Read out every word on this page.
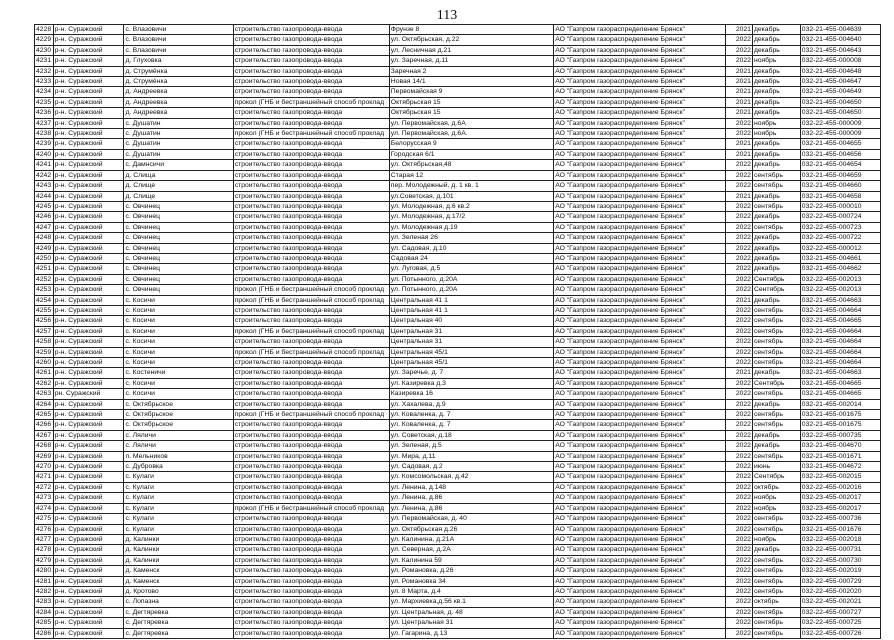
113
4228	р-н. Суражский	с. Влазовичи	строительство газопровода-ввода	Фрунзе 8	АО "Газпром газораспределение Брянск"	2021	декабрь	032-21-455-004639
4229	р-н. Суражский	с. Влазовичи	строительство газопровода-ввода	ул. Октябрьская, д.22	АО "Газпром газораспределение Брянск"	2022	декабрь	032-21-455-004640
4230	р-н. Суражский	с. Влазовичи	строительство газопровода-ввода	ул. Лесничная д.21	АО "Газпром газораспределение Брянск"	2022	декабрь	032-21-455-004643
4231	р-н. Суражский	д. Глуховка	строительство газопровода-ввода	ул. Заречная, д.11	АО "Газпром газораспределение Брянск"	2022	ноябрь	032-22-455-000008
4232	р-н. Суражский	д. Струмёнка	строительство газопровода-ввода	Заречная 2	АО "Газпром газораспределение Брянск"	2021	декабрь	032-21-455-004648
4233	р-н. Суражский	д. Струмёнка	строительство газопровода-ввода	Новая 14/1	АО "Газпром газораспределение Брянск"	2021	декабрь	032-21-455-004647
4234	р-н. Суражский	д. Андреевка	строительство газопровода-ввода	Первомайская 9	АО "Газпром газораспределение Брянск"	2021	декабрь	032-21-455-004649
4235	р-н. Суражский	д. Андреевка	прокол (ГНБ и бестраншейный способ проклад	Октябрьская 15	АО "Газпром газораспределение Брянск"	2021	декабрь	032-21-455-004650
4236	р-н. Суражский	д. Андреевка	строительство газопровода-ввода	Октябрьская 15	АО "Газпром газораспределение Брянск"	2021	декабрь	032-21-455-004650
4237	р-н. Суражский	с. Душатин	строительство газопровода-ввода	ул. Первомайская, д.6А	АО "Газпром газораспределение Брянск"	2022	ноябрь	032-22-455-000009
4238	р-н. Суражский	с. Душатин	прокол (ГНБ и бестраншейный способ проклад	ул. Первомайская, д.6А.	АО "Газпром газораспределение Брянск"	2022	ноябрь	032-22-455-000009
4239	р-н. Суражский	с. Душатин	строительство газопровода-ввода	Белорусская 9	АО "Газпром газораспределение Брянск"	2021	декабрь	032-21-455-004655
4240	р-н. Суражский	с. Душатин	строительство газопровода-ввода	Городская 6/1	АО "Газпром газораспределение Брянск"	2021	декабрь	032-21-455-004656
4241	р-н. Суражский	с. Дамнсичи	строительство газопровода-ввода	ул. Октябрьская,48	АО "Газпром газораспределение Брянск"	2022	декабрь	032-21-455-004654
4242	р-н. Суражский	д. Слища	строительство газопровода-ввода	Старая 12	АО "Газпром газораспределение Брянск"	2022	сентябрь	032-21-455-004659
4243	р-н. Суражский	д. Слище	строительство газопровода-ввода	пер. Молодежный, д. 1 кв. 1	АО "Газпром газораспределение Брянск"	2022	сентябрь	032-21-455-004660
4244	р-н. Суражский	д. Слище	строительство газопровода-ввода	ул.Советская, д.101	АО "Газпром газораспределение Брянск"	2021	декабрь	032-21-455-004658
4245	р-н. Суражский	с. Овчинец	строительство газопровода-ввода	ул. Молодежная, д.6 кв.2	АО "Газпром газораспределение Брянск"	2022	сентябрь	032-22-455-000010
4246	р-н. Суражский	с. Овчинец	строительство газопровода-ввода	ул. Молодежная, д.17/2	АО "Газпром газораспределение Брянск"	2022	декабрь	032-22-455-000724
4247	р-н. Суражский	с. Овчинец	строительство газопровода-ввода	ул. Молодежная д.19	АО "Газпром газораспределение Брянск"	2022	сентябрь	032-22-455-000723
4248	р-н. Суражский	с. Овчинец	строительство газопровода-ввода	ул. Зеленая 26	АО "Газпром газораспределение Брянск"	2022	декабрь	032-22-455-000722
4249	р-н. Суражский	с. Овчинец	строительство газопровода-ввода	ул. Садовая, д.10	АО "Газпром газораспределение Брянск"	2022	декабрь	032-22-455-000012
4250	р-н. Суражский	с. Овчинец	строительство газопровода-ввода	Садовая 24	АО "Газпром газораспределение Брянск"	2022	декабрь	032-21-455-004661
4251	р-н. Суражский	с. Овчинец	строительство газопровода-ввода	ул. Луговая, д.5	АО "Газпром газораспределение Брянск"	2022	декабрь	032-21-455-004662
4252	р-н. Суражский	с. Овчинец	строительство газопровода-ввода	ул. Потынного, д.20А	АО "Газпром газораспределение Брянск"	2022	Сентябрь	032-22-455-002013
4253	р-н. Суражский	с. Овчинец	прокол (ГНБ и бестраншейный способ проклад	ул. Потынного, д.20А	АО "Газпром газораспределение Брянск"	2022	Сентябрь	032-22-455-002013
4254	р-н. Суражский	с. Косичи	прокол (ГНБ и бестраншейный способ проклад	Центральная 41 1	АО "Газпром газораспределение Брянск"	2021	декабрь	032-21-455-004663
4255	р-н. Суражский	с. Косичи	строительство газопровода-ввода	Центральная 41 1	АО "Газпром газораспределение Брянск"	2022	сентябрь	032-21-455-004664
4256	р-н. Суражский	с. Косичи	строительство газопровода-ввода	Центральная 40	АО "Газпром газораспределение Брянск"	2022	сентябрь	032-21-455-004665
4257	р-н. Суражский	с. Косичи	прокол (ГНБ и бестраншейный способ проклад	Центральная 31	АО "Газпром газораспределение Брянск"	2022	сентябрь	032-21-455-004664
4258	р-н. Суражский	с. Косичи	строительство газопровода-ввода	Центральная 31	АО "Газпром газораспределение Брянск"	2022	сентябрь	032-21-455-004664
4259	р-н. Суражский	с. Косичи	прокол (ГНБ и бестраншейный способ проклад	Центральная 45/1	АО "Газпром газораспределение Брянск"	2022	сентябрь	032-21-455-004664
4260	р-н. Суражский	с. Косичи	строительство газопровода-ввода	Центральная 45/1	АО "Газпром газораспределение Брянск"	2022	сентябрь	032-21-455-004664
4261	р-н. Суражский	с. Костеничи	строительство газопровода-ввода	ул. Заречье, д. 7	АО "Газпром газораспределение Брянск"	2021	декабрь	032-21-455-004663
4262	р-н. Суражский	с. Косичи	строительство газопровода-ввода	ул. Казиревка д.3	АО "Газпром газораспределение Брянск"	2022	Сентябрь	032-21-455-004665
4263	рн. Суражский	с. Косичи	строительство газопровода-ввода	Казиревка 16	АО "Газпром газораспределение Брянск"	2022	сентябрь	032-21-455-004665
4264	р-н. Суражский	с. Октябрьское	строительство газопровода-ввода	ул. Хахалева, д.9	АО "Газпром газораспределение Брянск"	2022	декабрь	032-21-455-002014
4265	р-н. Суражский	с. Октябрьское	прокол (ГНБ и бестраншейный способ проклад	ул. Коваленка, д. 7	АО "Газпром газораспределение Брянск"	2022	сентябрь	032-21-455-001675
4266	р-н. Суражский	с. Октябрьское	строительство газопровода-ввода	ул. Коваленка, д. 7	АО "Газпром газораспределение Брянск"	2022	сентябрь	032-21-455-001675
4267	р-н. Суражский	с. Ляличи	строительство газопровода-ввода	ул. Советская, д.18	АО "Газпром газораспределение Брянск"	2022	декабрь	032-22-455-000735
4268	р-н. Суражский	с. Ляличи	строительство газопровода-ввода	ул. Зеленая, д.5	АО "Газпром газораспределение Брянск"	2022	декабрь	032-21-455-004670
4269	р-н. Суражский	п. Мельников	строительство газопровода-ввода	ул. Мира, д.11	АО "Газпром газораспределение Брянск"	2022	сентябрь	032-21-455-001671
4270	р-н. Суражский	с. Дубровка	строительство газопровода-ввода	ул. Садовая, д.2	АО "Газпром газораспределение Брянск"	2022	июнь	032-21-455-004672
4271	р-н. Суражский	с. Кулаги	строительство газопровода-ввода	ул. Комсомольская, д.42	АО "Газпром газораспределение Брянск"	2022	Сентябрь	032-22-455-002015
4272	р-н. Суражский	с. Кулаги	строительство газопровода-ввода	ул. Ленина, д.148	АО "Газпром газораспределение Брянск"	2022	октябрь	032-22-455-002016
4273	р-н. Суражский	с. Кулаги	строительство газопровода-ввода	ул. Ленина, д.86	АО "Газпром газораспределение Брянск"	2022	ноябрь	032-23-455-002017
4274	р-н. Суражский	с. Кулаги	прокол (ГНБ и бестраншейный способ проклад	ул. Ленина, д.86	АО "Газпром газораспределение Брянск"	2022	ноябрь	032-23-455-002017
4275	р-н. Суражский	с. Кулаги	строительство газопровода-ввода	ул. Первомайская, д. 40	АО "Газпром газораспределение Брянск"	2022	сентябрь	032-22-455-000736
4276	р-н. Суражский	с. Кулаги	строительство газопровода-ввода	ул. Октябрьская д.26	АО "Газпром газораспределение Брянск"	2022	сентябрь	032-21-455-001676
4277	р-н. Суражский	д. Калинки	строительство газопровода-ввода	ул. Калинина, д.21А	АО "Газпром газораспределение Брянск"	2022	ноябрь	032-22-455-002018
4278	р-н. Суражский	д. Калинки	строительство газопровода-ввода	ул. Северная, д.2А	АО "Газпром газораспределение Брянск"	2022	декабрь	032-22-455-000731
4279	р-н. Суражский	д. Калинки	строительство газопровода-ввода	ул. Калинина 59	АО "Газпром газораспределение Брянск"	2022	сентябрь	032-22-455-000730
4280	р-н. Суражский	д. Каменск	строительство газопровода-ввода	ул. Романовка, д.26	АО "Газпром газораспределение Брянск"	2022	сентябрь	032-22-455-002019
4281	р-н. Суражский	д. Каменск	строительство газопровода-ввода	ул. Романовка 34	АО "Газпром газораспределение Брянск"	2022	сентябрь	032-22-455-000729
4282	р-н. Суражский	д. Кротово	строительство газопровода-ввода	ул. 8 Марта, д.4	АО "Газпром газораспределение Брянск"	2022	сентябрь	032-22-455-002020
4283	р-н. Суражский	с. Лопазна	строительство газопровода-ввода	ул. Мархиевка,д.56 кв.1	АО "Газпром газораспределение Брянск"	2022	октябрь	032-22-455-002021
4284	р-н. Суражский	с. Дегтяревка	строительство газопровода-ввода	ул. Центральная, д. 48	АО "Газпром газораспределение Брянск"	2022	сентябрь	032-22-455-000727
4285	р-н. Суражский	с. Дегтяревка	строительство газопровода-ввода	ул. Центральная 31	АО "Газпром газораспределение Брянск"	2022	сентябрь	032-22-455-000725
4286	р-н. Суражский	с. Дегтяревка	строительство газопровода-ввода	ул. Гагарина, д.13	АО "Газпром газораспределение Брянск"	2022	сентябрь	032-22-455-000726
